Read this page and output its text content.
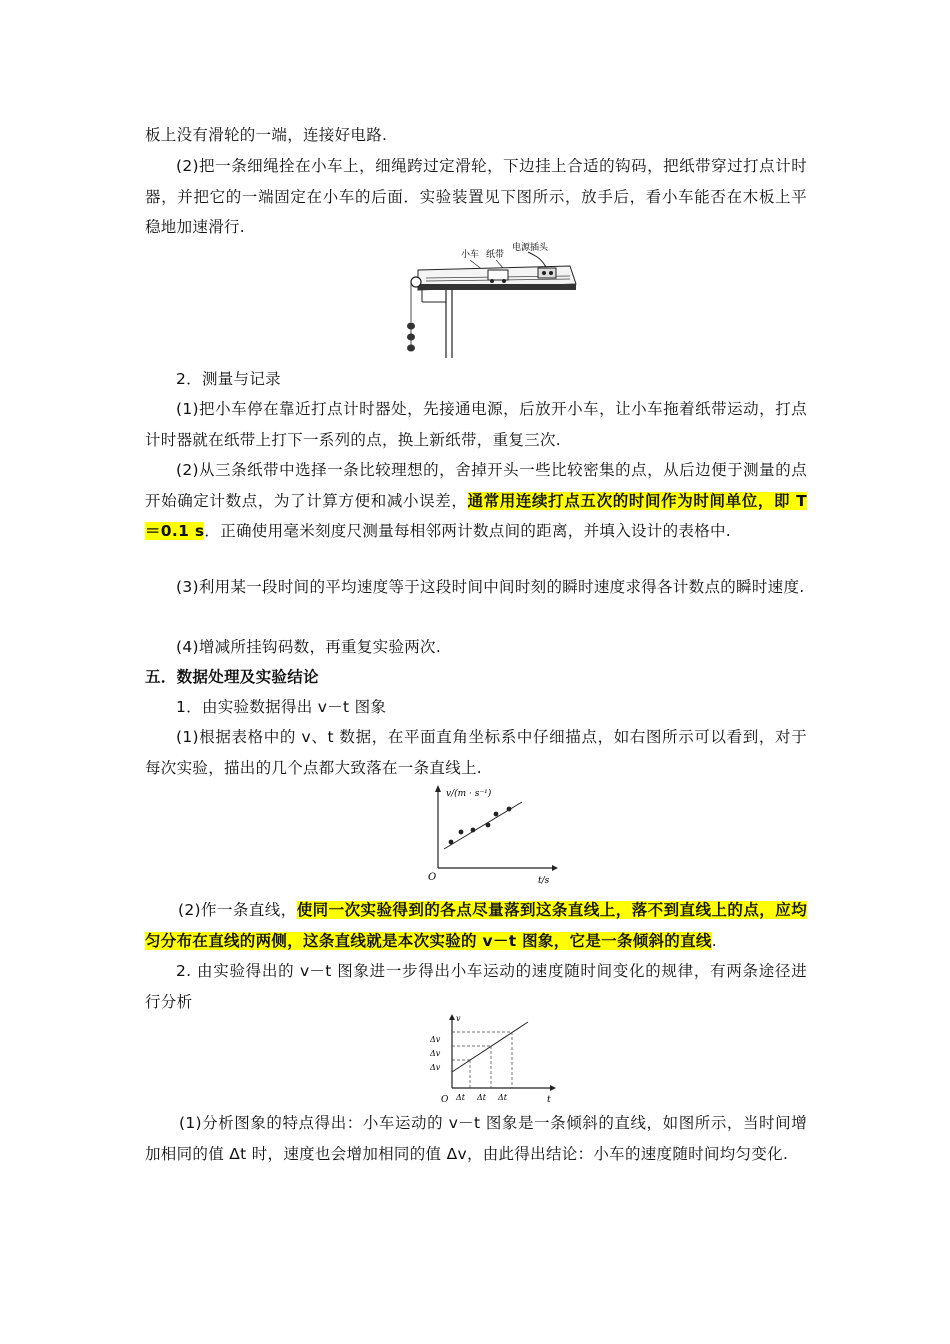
板上没有滑轮的一端，连接好电路.
(2)把一条细绳拴在小车上，细绳跨过定滑轮，下边挂上合适的钩码，把纸带穿过打点计时器，并把它的一端固定在小车的后面．实验装置见下图所示，放手后，看小车能否在木板上平稳地加速滑行.
小车 纸带
电源插头
2．测量与记录
(1)把小车停在靠近打点计时器处，先接通电源，后放开小车，让小车拖着纸带运动，打点计时器就在纸带上打下一系列的点，换上新纸带，重复三次.
(2)从三条纸带中选择一条比较理想的，舍掉开头一些比较密集的点，从后边便于测量的点开始确定计数点，为了计算方便和减小误差，通常用连续打点五次的时间作为时间单位，即 T＝0.1 s．正确使用毫米刻度尺测量每相邻两计数点间的距离，并填入设计的表格中.
(3)利用某一段时间的平均速度等于这段时间中间时刻的瞬时速度求得各计数点的瞬时速度.
(4)增减所挂钩码数，再重复实验两次.
五．数据处理及实验结论
1．由实验数据得出 v－t 图象
(1)根据表格中的 v、t 数据，在平面直角坐标系中仔细描点，如右图所示可以看到，对于每次实验，描出的几个点都大致落在一条直线上.
v/(m · s⁻¹)
t/s
O
(2)作一条直线，使同一次实验得到的各点尽量落到这条直线上，落不到直线上的点，应均匀分布在直线的两侧，这条直线就是本次实验的 v－t 图象，它是一条倾斜的直线.
2. 由实验得出的 v－t 图象进一步得出小车运动的速度随时间变化的规律，有两条途径进行分析
v
t
O
Δv
Δv
Δv
Δt Δt Δt
(1)分析图象的特点得出：小车运动的 v－t 图象是一条倾斜的直线，如图所示，当时间增加相同的值 Δt 时，速度也会增加相同的值 Δv，由此得出结论：小车的速度随时间均匀变化.
